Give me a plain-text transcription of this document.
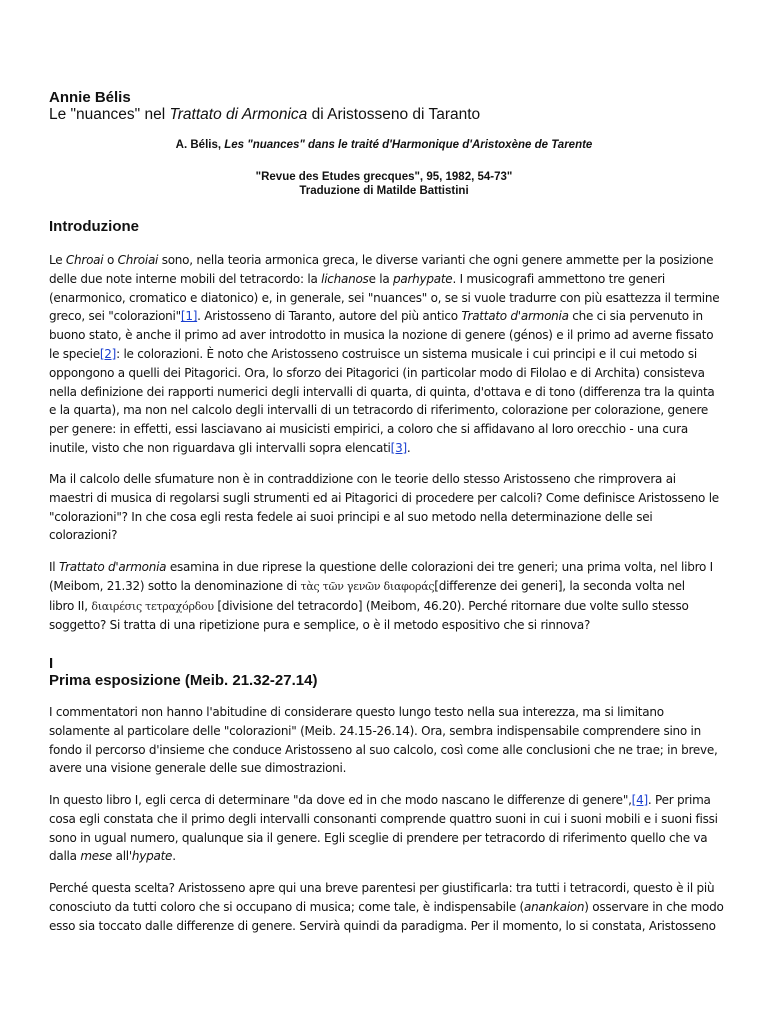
Annie Bélis

Le "nuances" nel Trattato di Armonica di Aristosseno di Taranto

A. Bélis, Les "nuances" dans le traité d'Harmonique d'Aristoxène de Tarente

"Revue des Etudes grecques", 95, 1982, 54-73"

Traduzione di Matilde Battistini

Introduzione

Le Chroai o Chroiai sono, nella teoria armonica greca, le diverse varianti che ogni genere ammette per la posizione
delle due note interne mobili del tetracordo: la lichanose la parhypate. I musicografi ammettono tre generi
(enarmonico, cromatico e diatonico) e, in generale, sei "nuances" o, se si vuole tradurre con più esattezza il termine
greco, sei "colorazioni"[1]. Aristosseno di Taranto, autore del più antico Trattato d'armonia che ci sia pervenuto in
buono stato, è anche il primo ad aver introdotto in musica la nozione di genere (génos) e il primo ad averne fissato
le specie[2]: le colorazioni. È noto che Aristosseno costruisce un sistema musicale i cui principi e il cui metodo si
oppongono a quelli dei Pitagorici. Ora, lo sforzo dei Pitagorici (in particolar modo di Filolao e di Archita) consisteva
nella definizione dei rapporti numerici degli intervalli di quarta, di quinta, d'ottava e di tono (differenza tra la quinta
e la quarta), ma non nel calcolo degli intervalli di un tetracordo di riferimento, colorazione per colorazione, genere
per genere: in effetti, essi lasciavano ai musicisti empirici, a coloro che si affidavano al loro orecchio - una cura
inutile, visto che non riguardava gli intervalli sopra elencati[3].
Ma il calcolo delle sfumature non è in contraddizione con le teorie dello stesso Aristosseno che rimprovera ai
maestri di musica di regolarsi sugli strumenti ed ai Pitagorici di procedere per calcoli? Come definisce Aristosseno le
"colorazioni"? In che cosa egli resta fedele ai suoi principi e al suo metodo nella determinazione delle sei
colorazioni?
Il Trattato d'armonia esamina in due riprese la questione delle colorazioni dei tre generi; una prima volta, nel libro I
(Meibom, 21.32) sotto la denominazione di τὰς τῶν γενῶν διαφοράς[differenze dei generi], la seconda volta nel
libro II, διαιρέσις τετραχόρδου [divisione del tetracordo] (Meibom, 46.20). Perché ritornare due volte sullo stesso
soggetto? Si tratta di una ripetizione pura e semplice, o è il metodo espositivo che si rinnova?

I

Prima esposizione (Meib. 21.32-27.14)

I commentatori non hanno l'abitudine di considerare questo lungo testo nella sua interezza, ma si limitano
solamente al particolare delle "colorazioni" (Meib. 24.15-26.14). Ora, sembra indispensabile comprendere sino in
fondo il percorso d'insieme che conduce Aristosseno al suo calcolo, così come alle conclusioni che ne trae; in breve,
avere una visione generale delle sue dimostrazioni.
In questo libro I, egli cerca di determinare "da dove ed in che modo nascano le differenze di genere",[4]. Per prima
cosa egli constata che il primo degli intervalli consonanti comprende quattro suoni in cui i suoni mobili e i suoni fissi
sono in ugual numero, qualunque sia il genere. Egli sceglie di prendere per tetracordo di riferimento quello che va
dalla mese all'hypate.
Perché questa scelta? Aristosseno apre qui una breve parentesi per giustificarla: tra tutti i tetracordi, questo è il più
conosciuto da tutti coloro che si occupano di musica; come tale, è indispensabile (anankaion) osservare in che modo
esso sia toccato dalle differenze di genere. Servirà quindi da paradigma. Per il momento, lo si constata, Aristosseno
